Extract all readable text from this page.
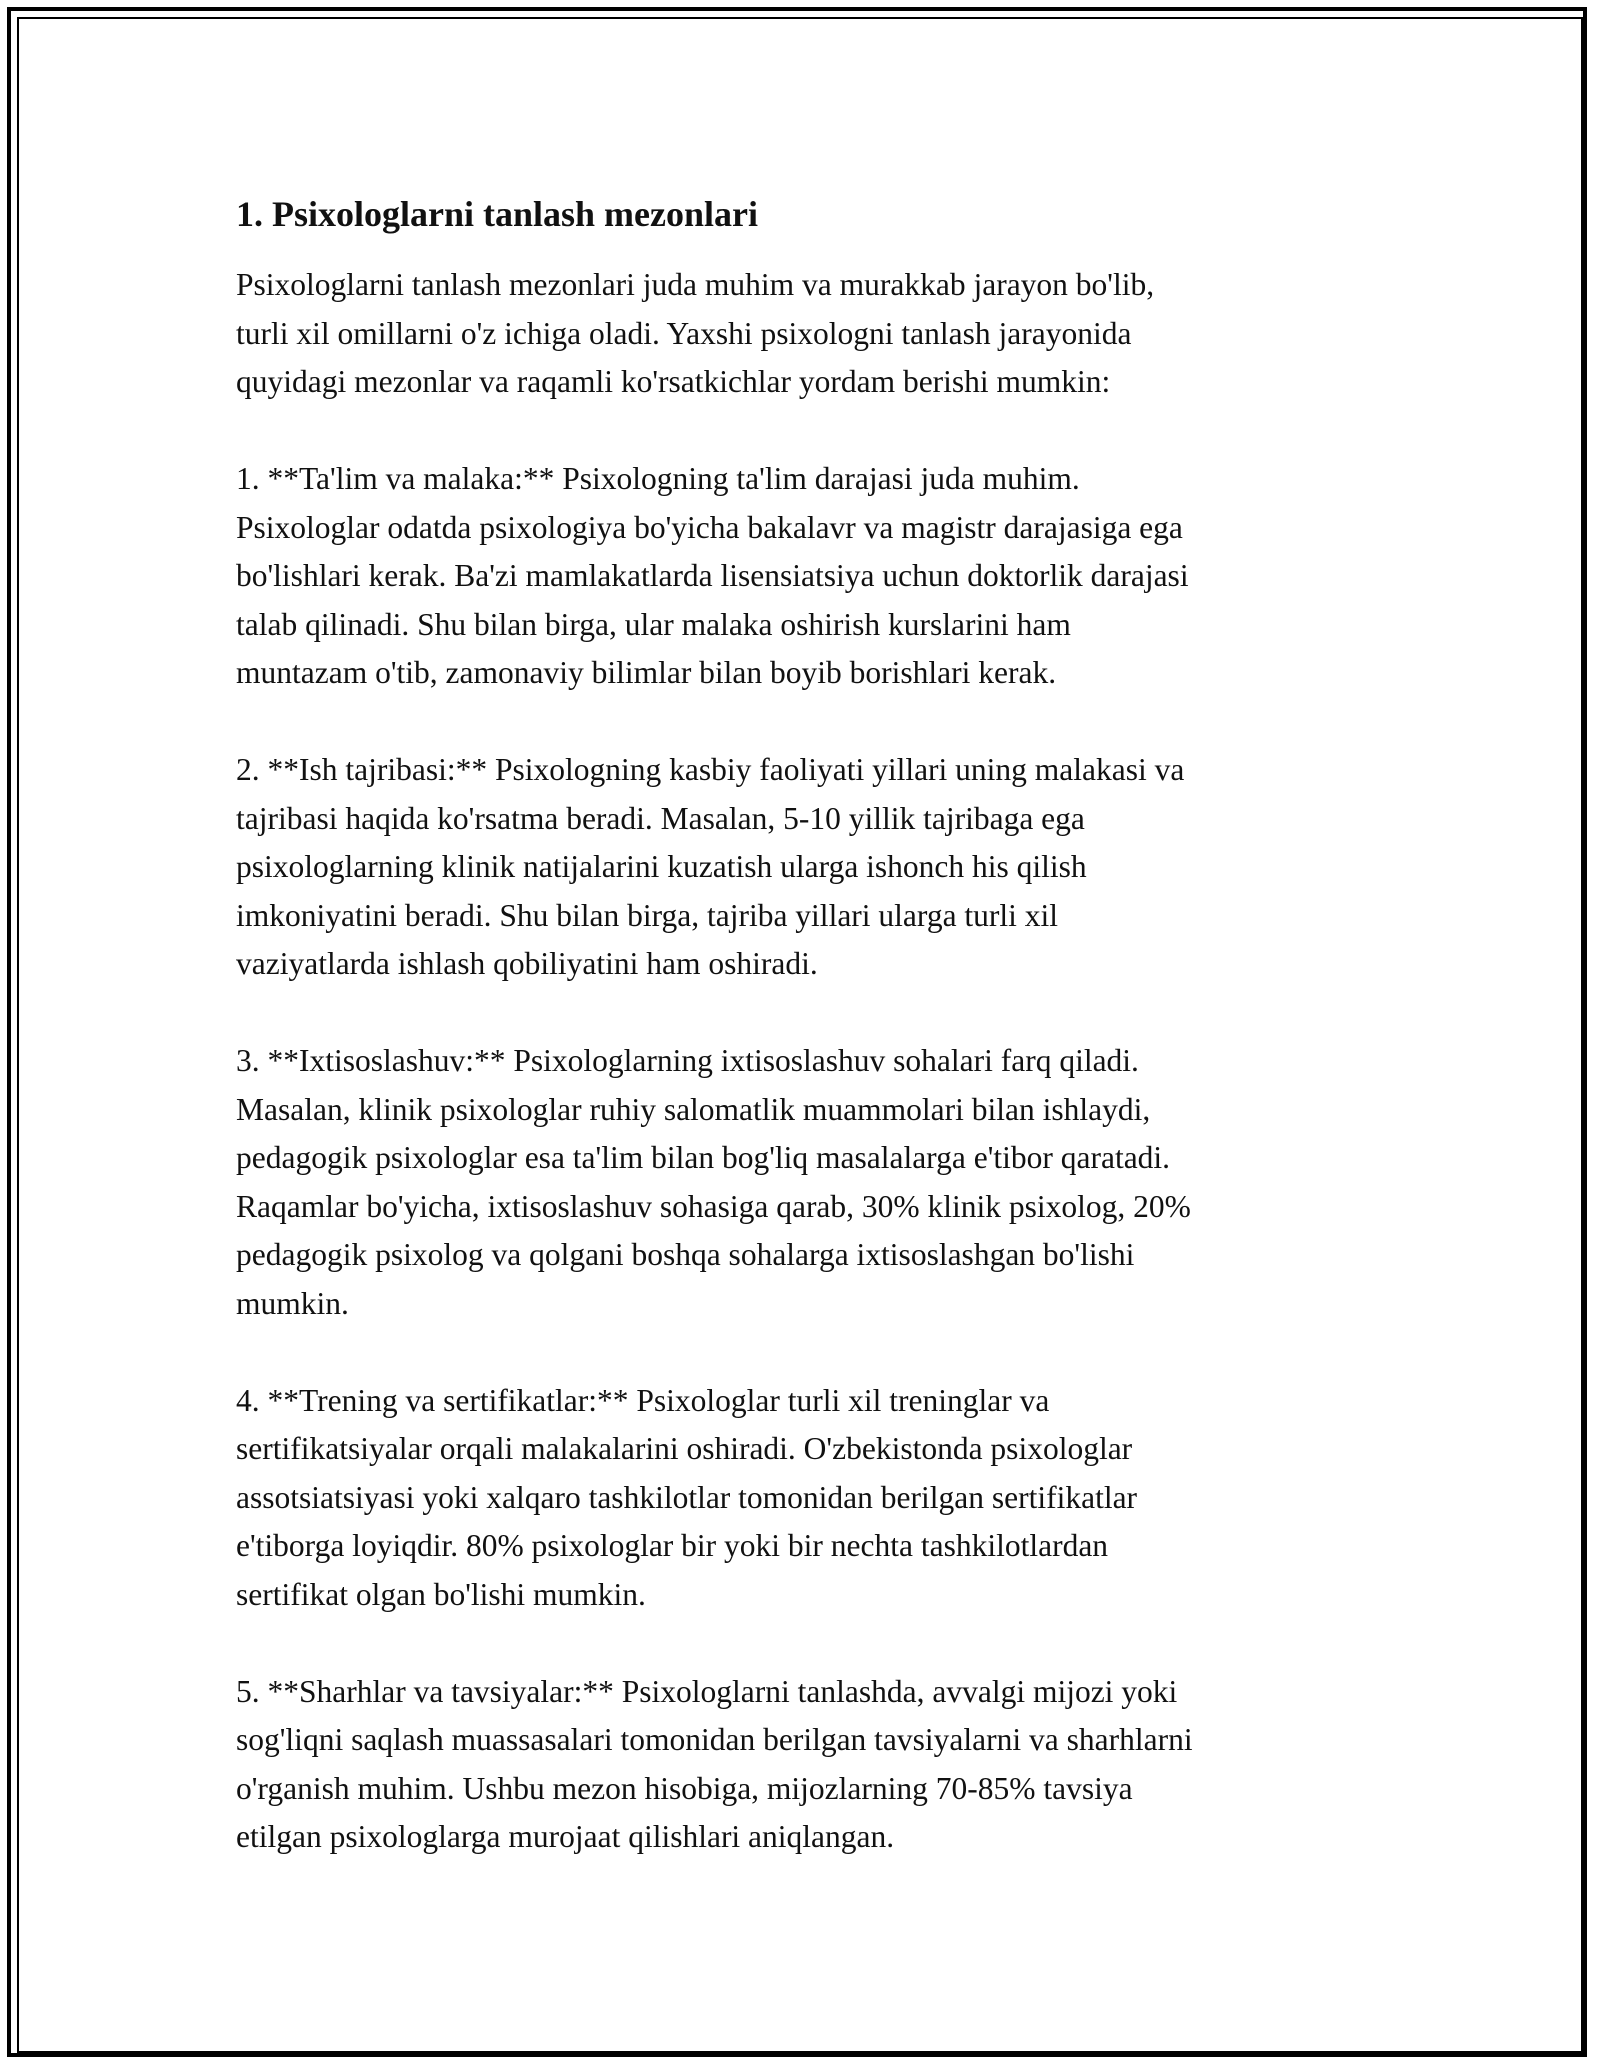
1. Psixologlarni tanlash mezonlari

Psixologlarni tanlash mezonlari juda muhim va murakkab jarayon bo'lib,
turli xil omillarni o'z ichiga oladi. Yaxshi psixologni tanlash jarayonida
quyidagi mezonlar va raqamli ko'rsatkichlar yordam berishi mumkin:

1. **Ta'lim va malaka:** Psixologning ta'lim darajasi juda muhim.
Psixologlar odatda psixologiya bo'yicha bakalavr va magistr darajasiga ega
bo'lishlari kerak. Ba'zi mamlakatlarda lisensiatsiya uchun doktorlik darajasi
talab qilinadi. Shu bilan birga, ular malaka oshirish kurslarini ham
muntazam o'tib, zamonaviy bilimlar bilan boyib borishlari kerak.

2. **Ish tajribasi:** Psixologning kasbiy faoliyati yillari uning malakasi va
tajribasi haqida ko'rsatma beradi. Masalan, 5-10 yillik tajribaga ega
psixologlarning klinik natijalarini kuzatish ularga ishonch his qilish
imkoniyatini beradi. Shu bilan birga, tajriba yillari ularga turli xil
vaziyatlarda ishlash qobiliyatini ham oshiradi.

3. **Ixtisoslashuv:** Psixologlarning ixtisoslashuv sohalari farq qiladi.
Masalan, klinik psixologlar ruhiy salomatlik muammolari bilan ishlaydi,
pedagogik psixologlar esa ta'lim bilan bog'liq masalalarga e'tibor qaratadi.
Raqamlar bo'yicha, ixtisoslashuv sohasiga qarab, 30% klinik psixolog, 20%
pedagogik psixolog va qolgani boshqa sohalarga ixtisoslashgan bo'lishi
mumkin.

4. **Trening va sertifikatlar:** Psixologlar turli xil treninglar va
sertifikatsiyalar orqali malakalarini oshiradi. O'zbekistonda psixologlar
assotsiatsiyasi yoki xalqaro tashkilotlar tomonidan berilgan sertifikatlar
e'tiborga loyiqdir. 80% psixologlar bir yoki bir nechta tashkilotlardan
sertifikat olgan bo'lishi mumkin.

5. **Sharhlar va tavsiyalar:** Psixologlarni tanlashda, avvalgi mijozi yoki
sog'liqni saqlash muassasalari tomonidan berilgan tavsiyalarni va sharhlarni
o'rganish muhim. Ushbu mezon hisobiga, mijozlarning 70-85% tavsiya
etilgan psixologlarga murojaat qilishlari aniqlangan.
